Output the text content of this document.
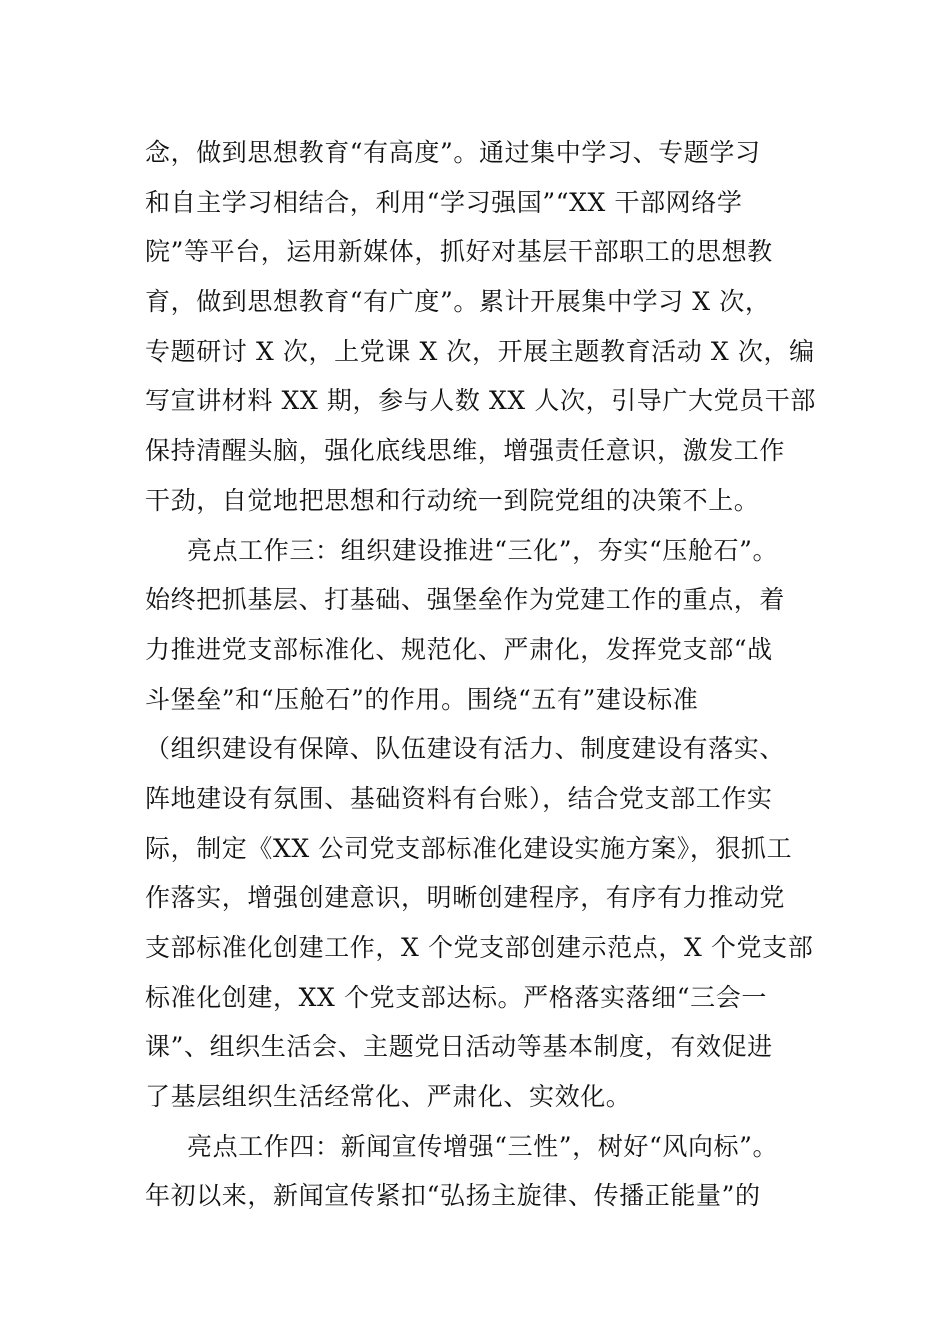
念，做到思想教育“有高度”。通过集中学习、专题学习
和自主学习相结合，利用“学习强国”“XX 干部网络学
院”等平台，运用新媒体，抓好对基层干部职工的思想教
育，做到思想教育“有广度”。累计开展集中学习 X 次，
专题研讨 X 次，上党课 X 次，开展主题教育活动 X 次，编
写宣讲材料 XX 期，参与人数 XX 人次，引导广大党员干部
保持清醒头脑，强化底线思维，增强责任意识，激发工作
干劲，自觉地把思想和行动统一到院党组的决策不上。
亮点工作三：组织建设推进“三化”，夯实“压舱石”。
始终把抓基层、打基础、强堡垒作为党建工作的重点，着
力推进党支部标准化、规范化、严肃化，发挥党支部“战
斗堡垒”和“压舱石”的作用。围绕“五有”建设标准
（组织建设有保障、队伍建设有活力、制度建设有落实、
阵地建设有氛围、基础资料有台账），结合党支部工作实
际，制定《XX 公司党支部标准化建设实施方案》，狠抓工
作落实，增强创建意识，明晰创建程序，有序有力推动党
支部标准化创建工作，X 个党支部创建示范点，X 个党支部
标准化创建，XX 个党支部达标。严格落实落细“三会一
课”、组织生活会、主题党日活动等基本制度，有效促进
了基层组织生活经常化、严肃化、实效化。
亮点工作四：新闻宣传增强“三性”，树好“风向标”。
年初以来，新闻宣传紧扣“弘扬主旋律、传播正能量”的
